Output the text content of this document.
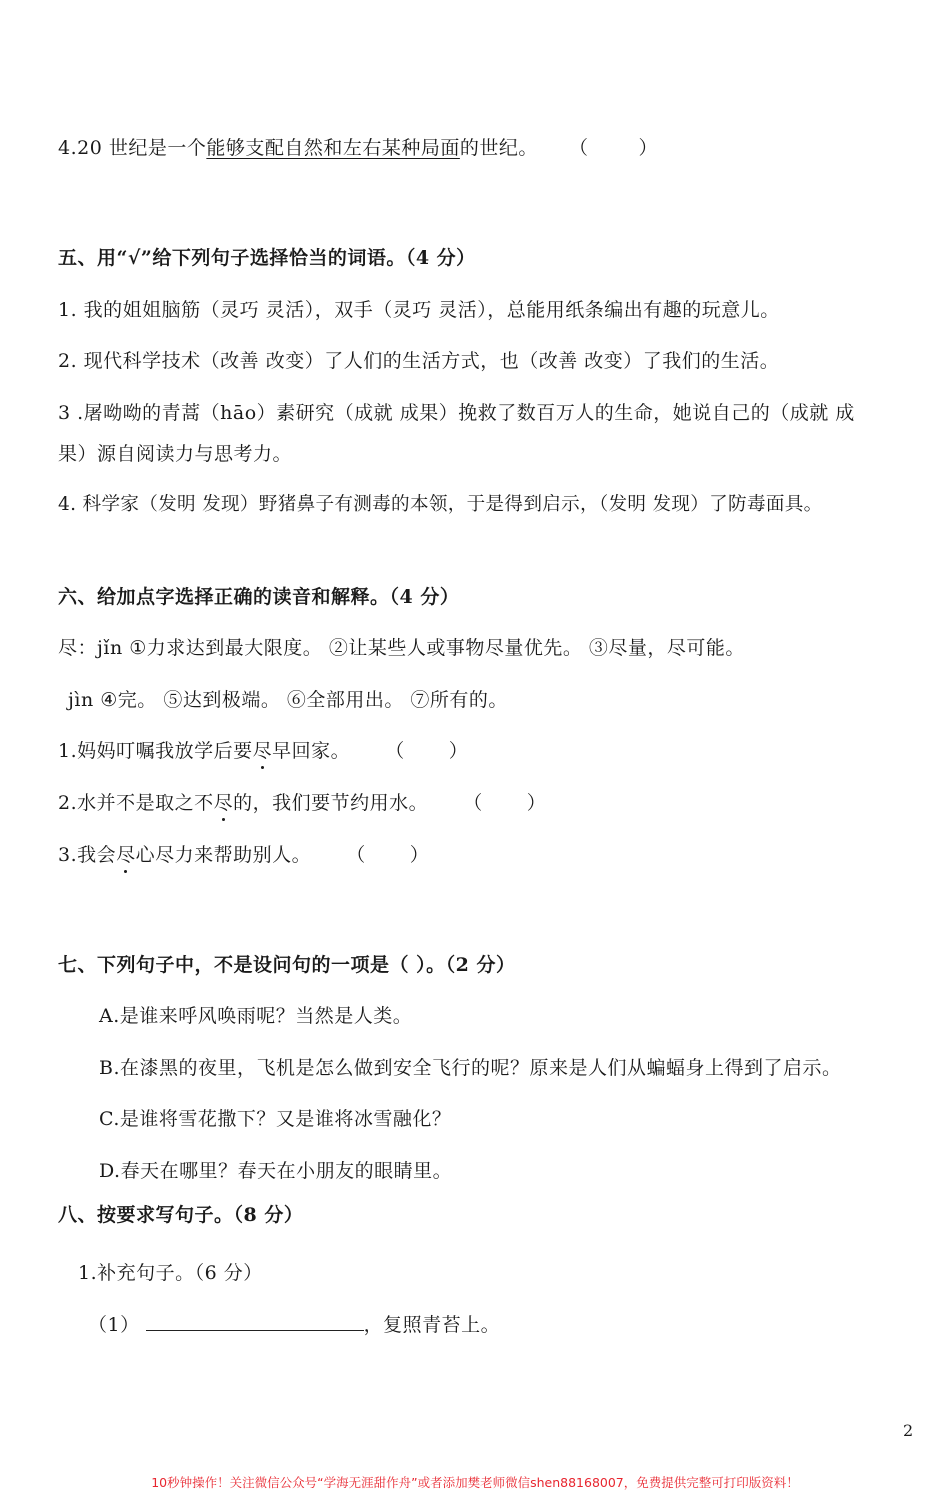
4.20 世纪是一个能够支配自然和左右某种局面的世纪。 （	）
五、用“√”给下列句子选择恰当的词语。（4 分）
1. 我的姐姐脑筋（灵巧 灵活），双手（灵巧 灵活），总能用纸条编出有趣的玩意儿。
2. 现代科学技术（改善 改变）了人们的生活方式，也（改善 改变）了我们的生活。
3 .屠呦呦的青蒿（hāo）素研究（成就 成果）挽救了数百万人的生命，她说自己的（成就 成
果）源自阅读力与思考力。
4. 科学家（发明 发现）野猪鼻子有测毒的本领，于是得到启示，（发明 发现）了防毒面具。
六、给加点字选择正确的读音和解释。（4 分）
尽：jǐn ①力求达到最大限度。 ②让某些人或事物尽量优先。 ③尽量，尽可能。
jìn ④完。 ⑤达到极端。 ⑥全部用出。 ⑦所有的。
1.妈妈叮嘱我放学后要尽早回家。 （ ）
2.水并不是取之不尽的，我们要节约用水。 （ ）
3.我会尽心尽力来帮助别人。 （ ）
七、下列句子中，不是设问句的一项是（ ）。（2 分）
A.是谁来呼风唤雨呢？当然是人类。
B.在漆黑的夜里，飞机是怎么做到安全飞行的呢？原来是人们从蝙蝠身上得到了启示。
C.是谁将雪花撒下？又是谁将冰雪融化？
D.春天在哪里？春天在小朋友的眼睛里。
八、按要求写句子。（8 分）
1.补充句子。（6 分）
（1）	，复照青苔上。
2
10秒钟操作！关注微信公众号“学海无涯甜作舟”或者添加樊老师微信shen88168007，免费提供完整可打印版资料！
